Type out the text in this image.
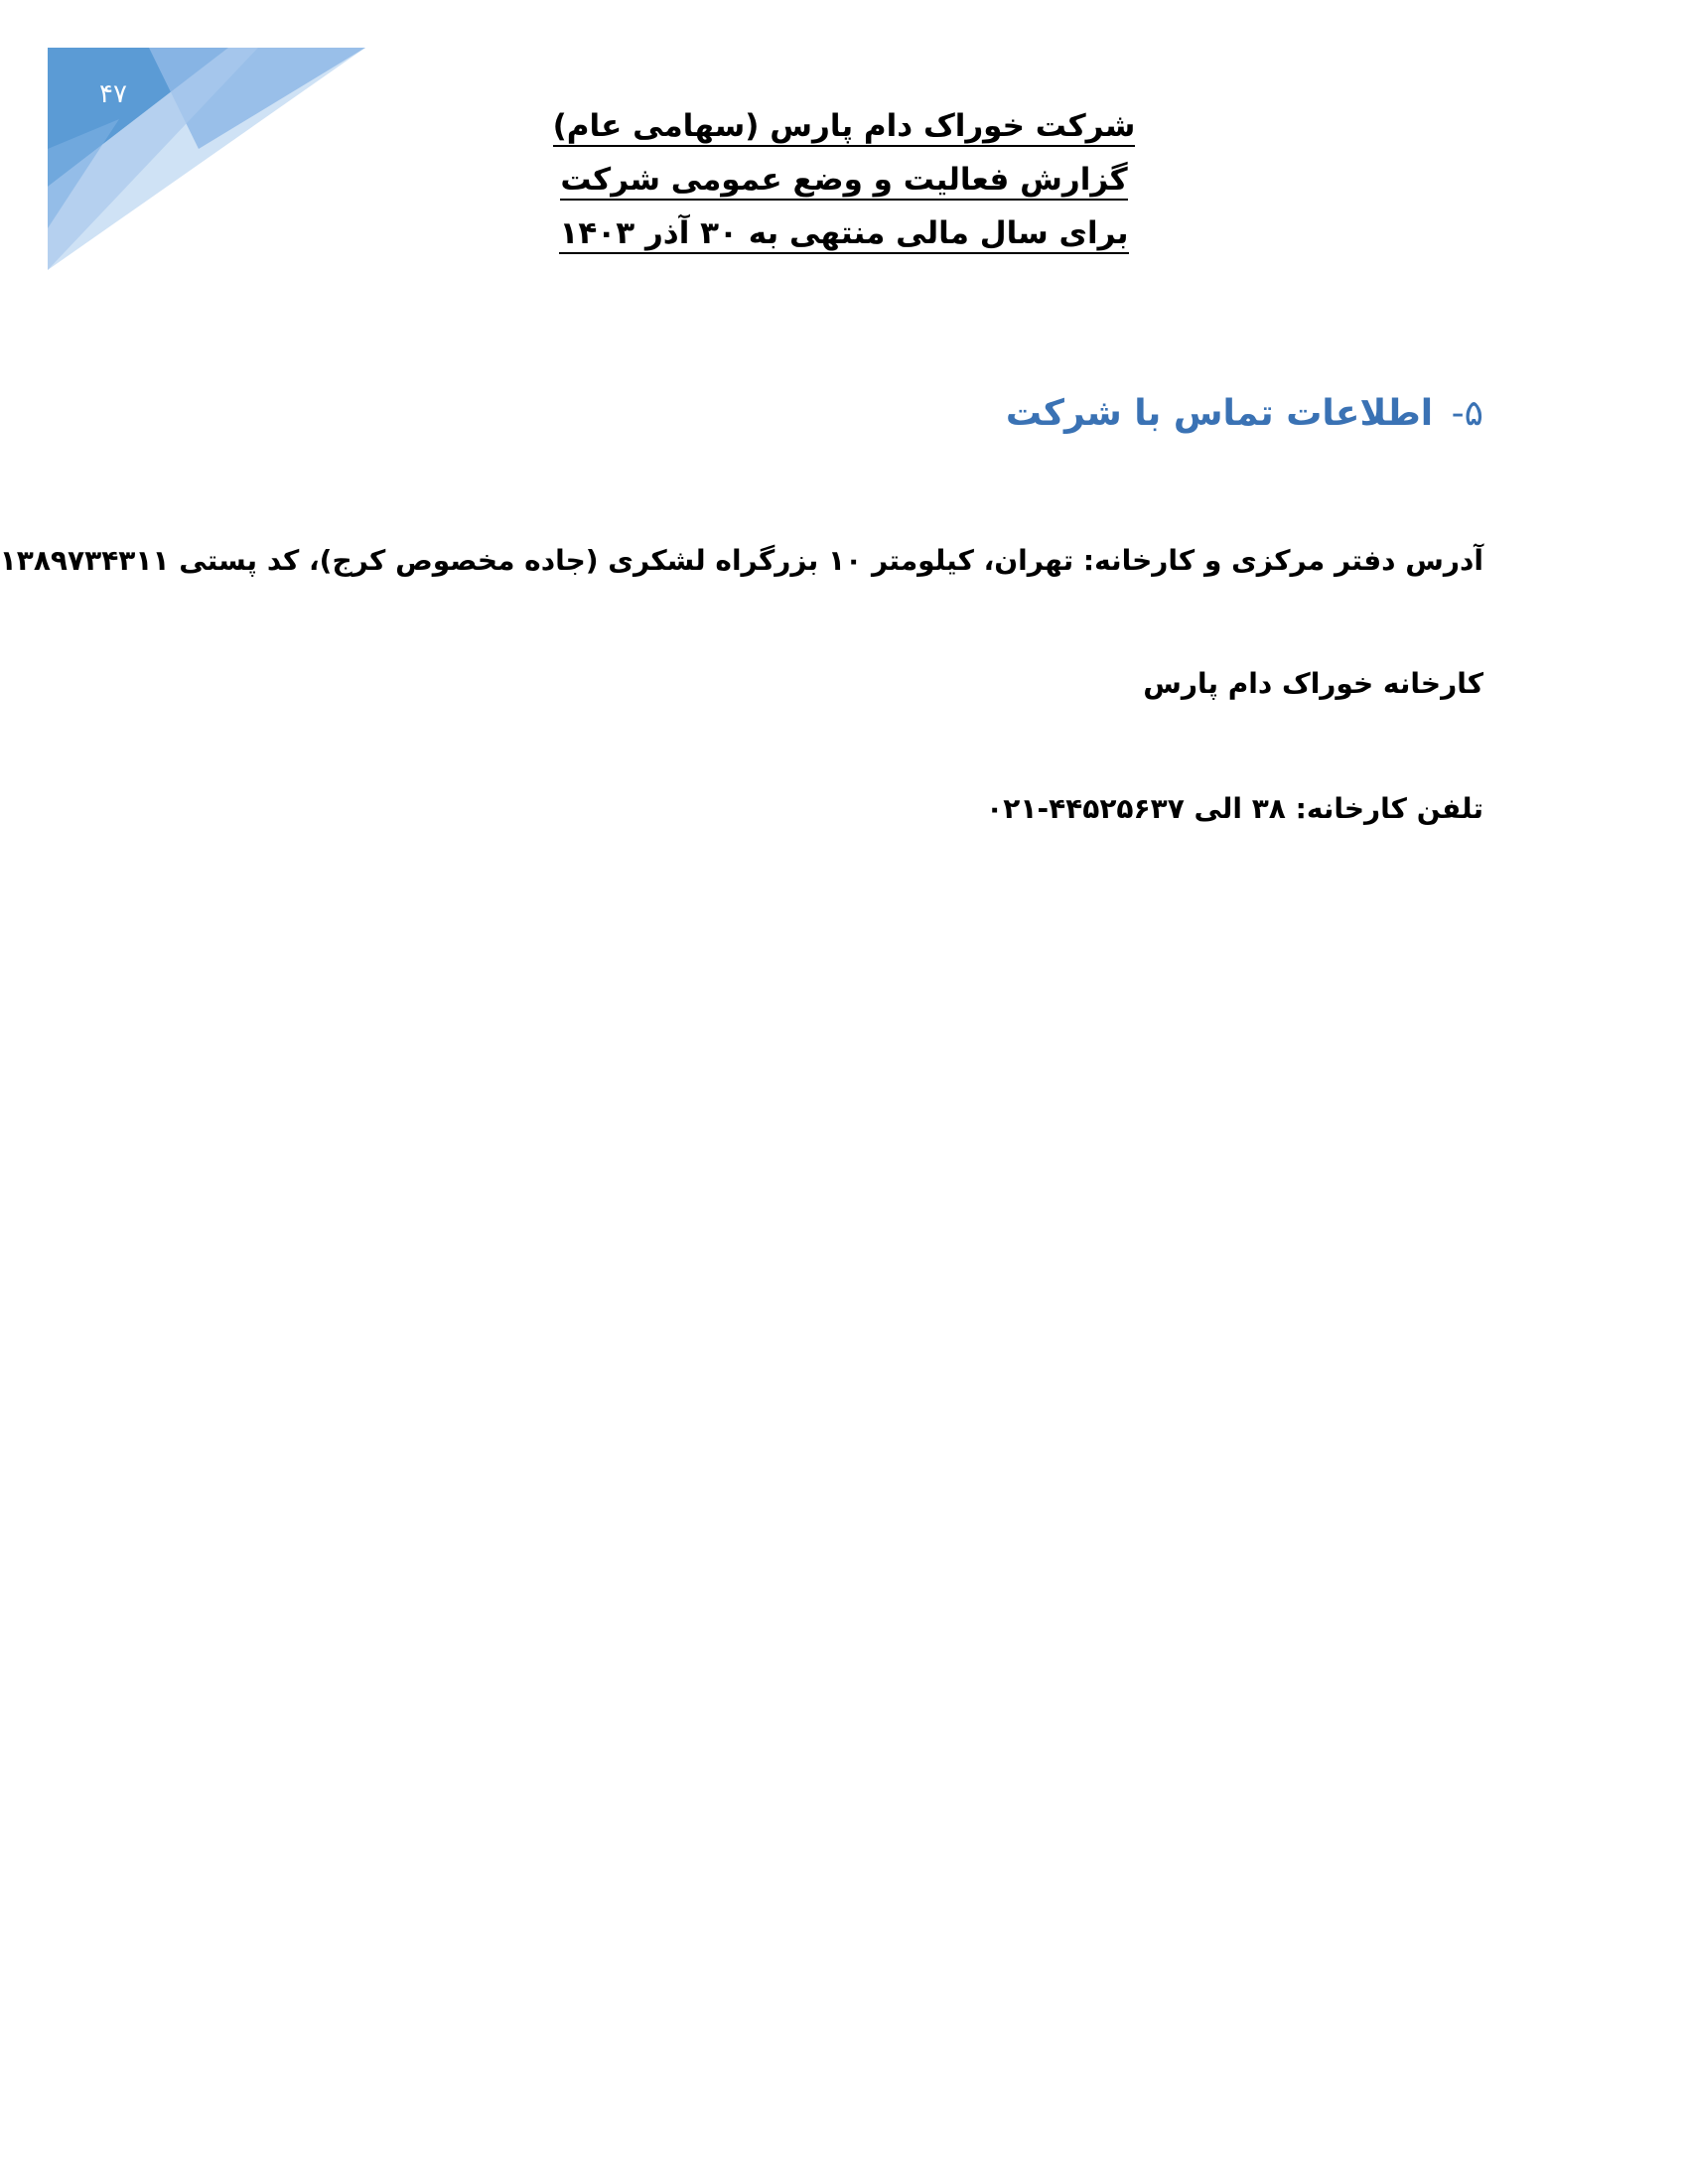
۴۷
شرکت خوراک دام پارس (سهامی عام)
گزارش فعالیت و وضع عمومی شرکت
برای سال مالی منتهی به ۳۰ آذر ۱۴۰۳
۵- اطلاعات تماس با شرکت
آدرس دفتر مرکزی و کارخانه: تهران، کیلومتر ۱۰ بزرگراه لشکری (جاده مخصوص کرج)، کد پستی ۱۳۸۹۷۳۴۳۱۱
کارخانه خوراک دام پارس
تلفن کارخانه: ۳۸ الی ۴۴۵۲۵۶۳۷-۰۲۱
